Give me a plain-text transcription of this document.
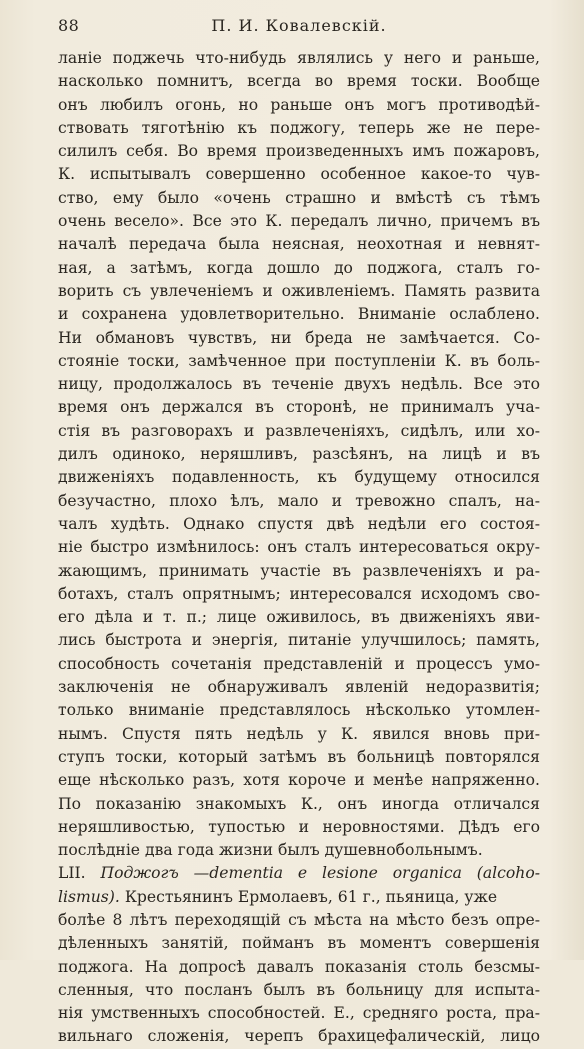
88	П. И. Ковалевскій.
ланіе поджечь что-нибудь являлись у него и раньше,
насколько помнитъ, всегда во время тоски. Вообще
онъ любилъ огонь, но раньше онъ могъ противодѣй-
ствовать тяготѣнію къ поджогу, теперь же не пере-
силилъ себя. Во время произведенныхъ имъ пожаровъ,
К. испытывалъ совершенно особенное какое-то чув-
ство, ему было «очень страшно и вмѣстѣ съ тѣмъ
очень весело». Все это К. передалъ лично, причемъ въ
началѣ передача была неясная, неохотная и невнят-
ная, а затѣмъ, когда дошло до поджога, сталъ го-
ворить съ увлеченіемъ и оживленіемъ. Память развита
и сохранена удовлетворительно. Вниманіе ослаблено.
Ни обмановъ чувствъ, ни бреда не замѣчается. Со-
стояніе тоски, замѣченное при поступленіи К. въ боль-
ницу, продолжалось въ теченіе двухъ недѣль. Все это
время онъ держался въ сторонѣ, не принималъ уча-
стія въ разговорахъ и развлеченіяхъ, сидѣлъ, или хо-
дилъ одиноко, неряшливъ, разсѣянъ, на лицѣ и въ
движеніяхъ подавленность, къ будущему относился
безучастно, плохо ѣлъ, мало и тревожно спалъ, на-
чалъ худѣть. Однако спустя двѣ недѣли его состоя-
ніе быстро измѣнилось: онъ сталъ интересоваться окру-
жающимъ, принимать участіе въ развлеченіяхъ и ра-
ботахъ, сталъ опрятнымъ; интересовался исходомъ сво-
его дѣла и т. п.; лице оживилось, въ движеніяхъ яви-
лись быстрота и энергія, питаніе улучшилось; память,
способность сочетанія представленій и процессъ умо-
заключенія не обнаруживалъ явленій недоразвитія;
только вниманіе представлялось нѣсколько утомлен-
нымъ. Спустя пять недѣль у К. явился вновь при-
ступъ тоски, который затѣмъ въ больницѣ повторялся
еще нѣсколько разъ, хотя короче и менѣе напряженно.
По показанію знакомыхъ К., онъ иногда отличался
неряшливостью, тупостью и неровностями. Дѣдъ его
послѣдніе два года жизни былъ душевнобольнымъ.
LII. Поджогъ —dementia e lesione organica (alcoho-
lismus). Крестьянинъ Ермолаевъ, 61 г., пьяница, уже
болѣе 8 лѣтъ переходящій съ мѣста на мѣсто безъ опре-
дѣленныхъ занятій, пойманъ въ моментъ совершенія
поджога. На допросѣ давалъ показанія столь безсмы-
сленныя, что посланъ былъ въ больницу для испыта-
нія умственныхъ способностей. Е., средняго роста, пра-
вильнаго сложенія, черепъ брахицефалическій, лицо
